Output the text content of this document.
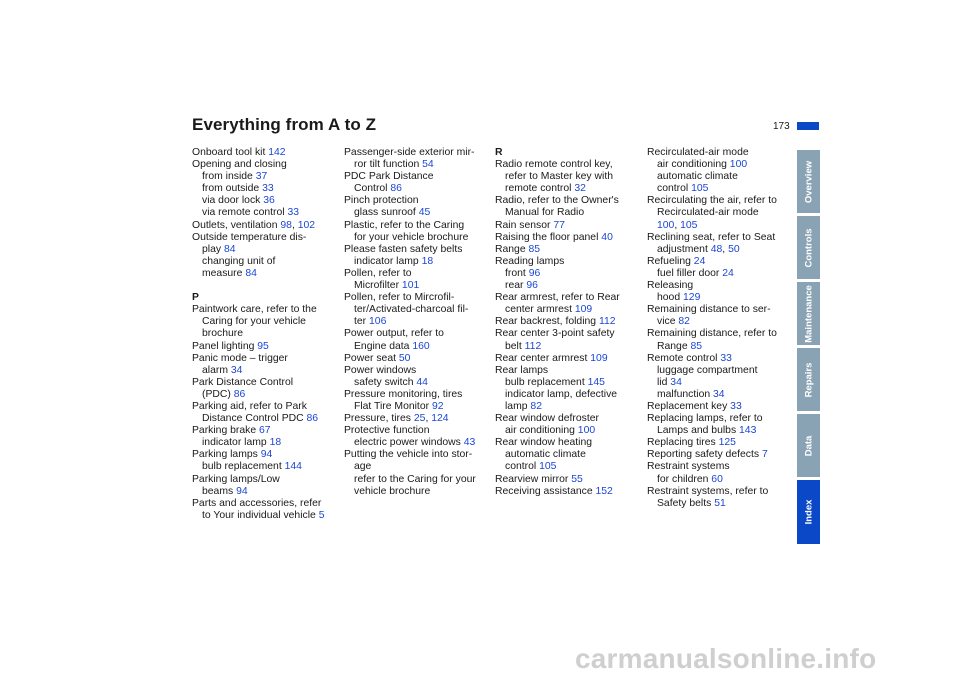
Everything from A to Z	173
Onboard tool kit 142
Opening and closing
from inside 37
from outside 33
via door lock 36
via remote control 33
Outlets, ventilation 98, 102
Outside temperature dis-
play 84
changing unit of
measure 84
P
Paintwork care, refer to the
Caring for your vehicle
brochure
Panel lighting 95
Panic mode – trigger
alarm 34
Park Distance Control
(PDC) 86
Parking aid, refer to Park
Distance Control PDC 86
Parking brake 67
indicator lamp 18
Parking lamps 94
bulb replacement 144
Parking lamps/Low
beams 94
Parts and accessories, refer
to Your individual vehicle 5
Passenger-side exterior mir-
ror tilt function 54
PDC Park Distance
Control 86
Pinch protection
glass sunroof 45
Plastic, refer to the Caring
for your vehicle brochure
Please fasten safety belts
indicator lamp 18
Pollen, refer to
Microfilter 101
Pollen, refer to Mircrofil-
ter/Activated-charcoal fil-
ter 106
Power output, refer to
Engine data 160
Power seat 50
Power windows
safety switch 44
Pressure monitoring, tires
Flat Tire Monitor 92
Pressure, tires 25, 124
Protective function
electric power windows 43
Putting the vehicle into stor-
age
refer to the Caring for your
vehicle brochure
R
Radio remote control key,
refer to Master key with
remote control 32
Radio, refer to the Owner's
Manual for Radio
Rain sensor 77
Raising the floor panel 40
Range 85
Reading lamps
front 96
rear 96
Rear armrest, refer to Rear
center armrest 109
Rear backrest, folding 112
Rear center 3-point safety
belt 112
Rear center armrest 109
Rear lamps
bulb replacement 145
indicator lamp, defective
lamp 82
Rear window defroster
air conditioning 100
Rear window heating
automatic climate
control 105
Rearview mirror 55
Receiving assistance 152
Recirculated-air mode
air conditioning 100
automatic climate
control 105
Recirculating the air, refer to
Recirculated-air mode
100, 105
Reclining seat, refer to Seat
adjustment 48, 50
Refueling 24
fuel filler door 24
Releasing
hood 129
Remaining distance to ser-
vice 82
Remaining distance, refer to
Range 85
Remote control 33
luggage compartment
lid 34
malfunction 34
Replacement key 33
Replacing lamps, refer to
Lamps and bulbs 143
Replacing tires 125
Reporting safety defects 7
Restraint systems
for children 60
Restraint systems, refer to
Safety belts 51
Overview
Controls
Maintenance
Repairs
Data
Index
carmanualsonline.info
